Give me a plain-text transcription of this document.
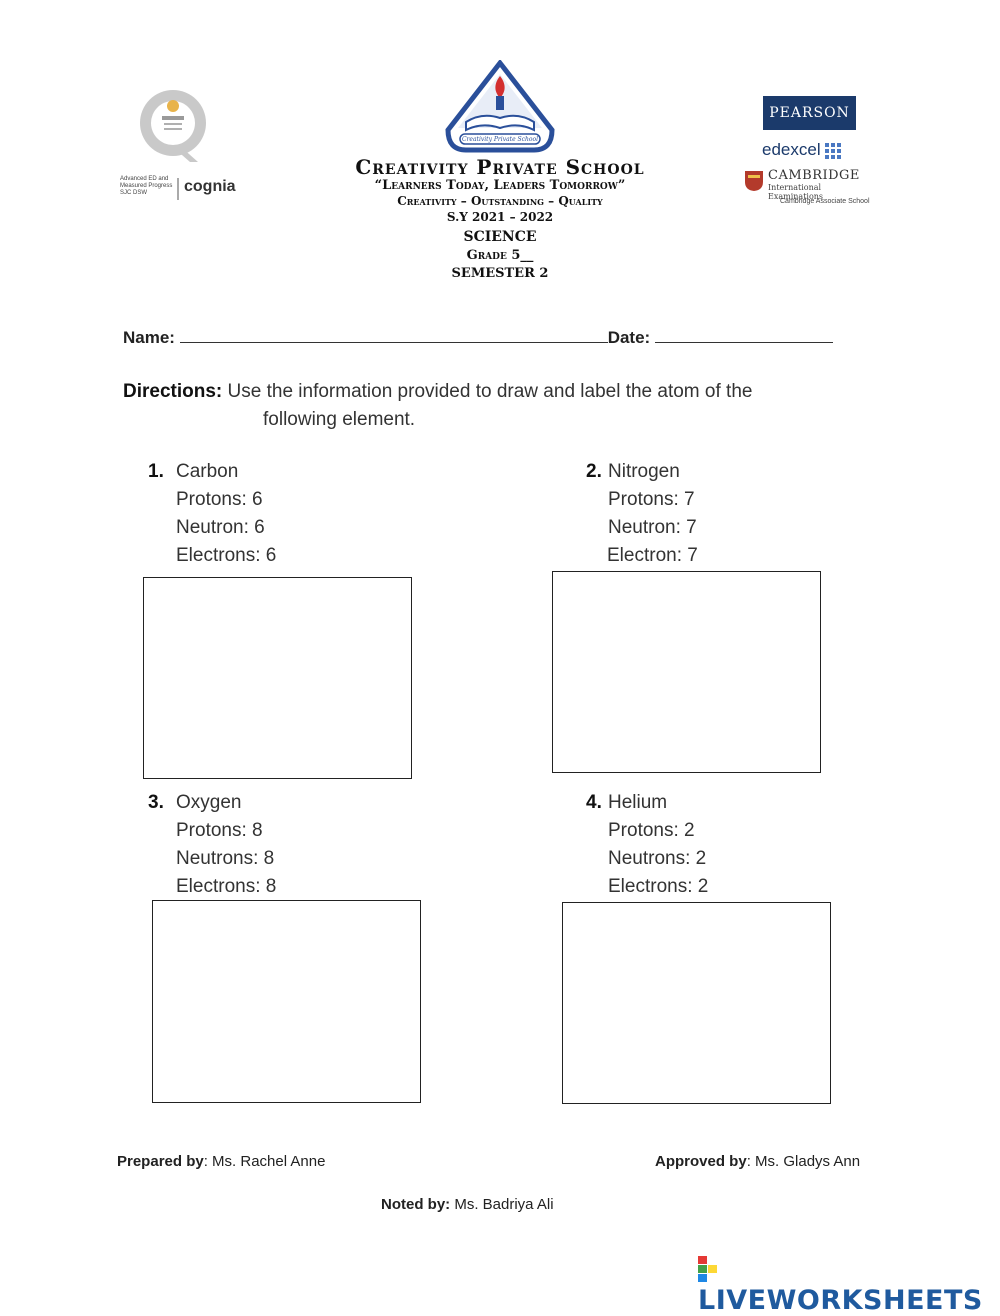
Advanced ED and Measured Progress SJC DSW	cognia
Creativity Private School
PEARSON
edexcel
CAMBRIDGE
International Examinations
Cambridge Associate School
Creativity Private School
“Learners Today, Leaders Tomorrow”
Creativity – Outstanding – Quality
S.Y 2021 – 2022
SCIENCE
Grade 5__
SEMESTER 2
Name:	Date:
Directions: Use the information provided to draw and label the atom of the
following element.
1. Carbon
Protons: 6
Neutron: 6
Electrons: 6
2. Nitrogen
Protons: 7
Neutron: 7
Electron: 7
3. Oxygen
Protons: 8
Neutrons: 8
Electrons: 8
4. Helium
Protons: 2
Neutrons: 2
Electrons: 2
Prepared by: Ms. Rachel Anne	Approved by: Ms. Gladys Ann
Noted by: Ms. Badriya Ali
LIVEWORKSHEETS
